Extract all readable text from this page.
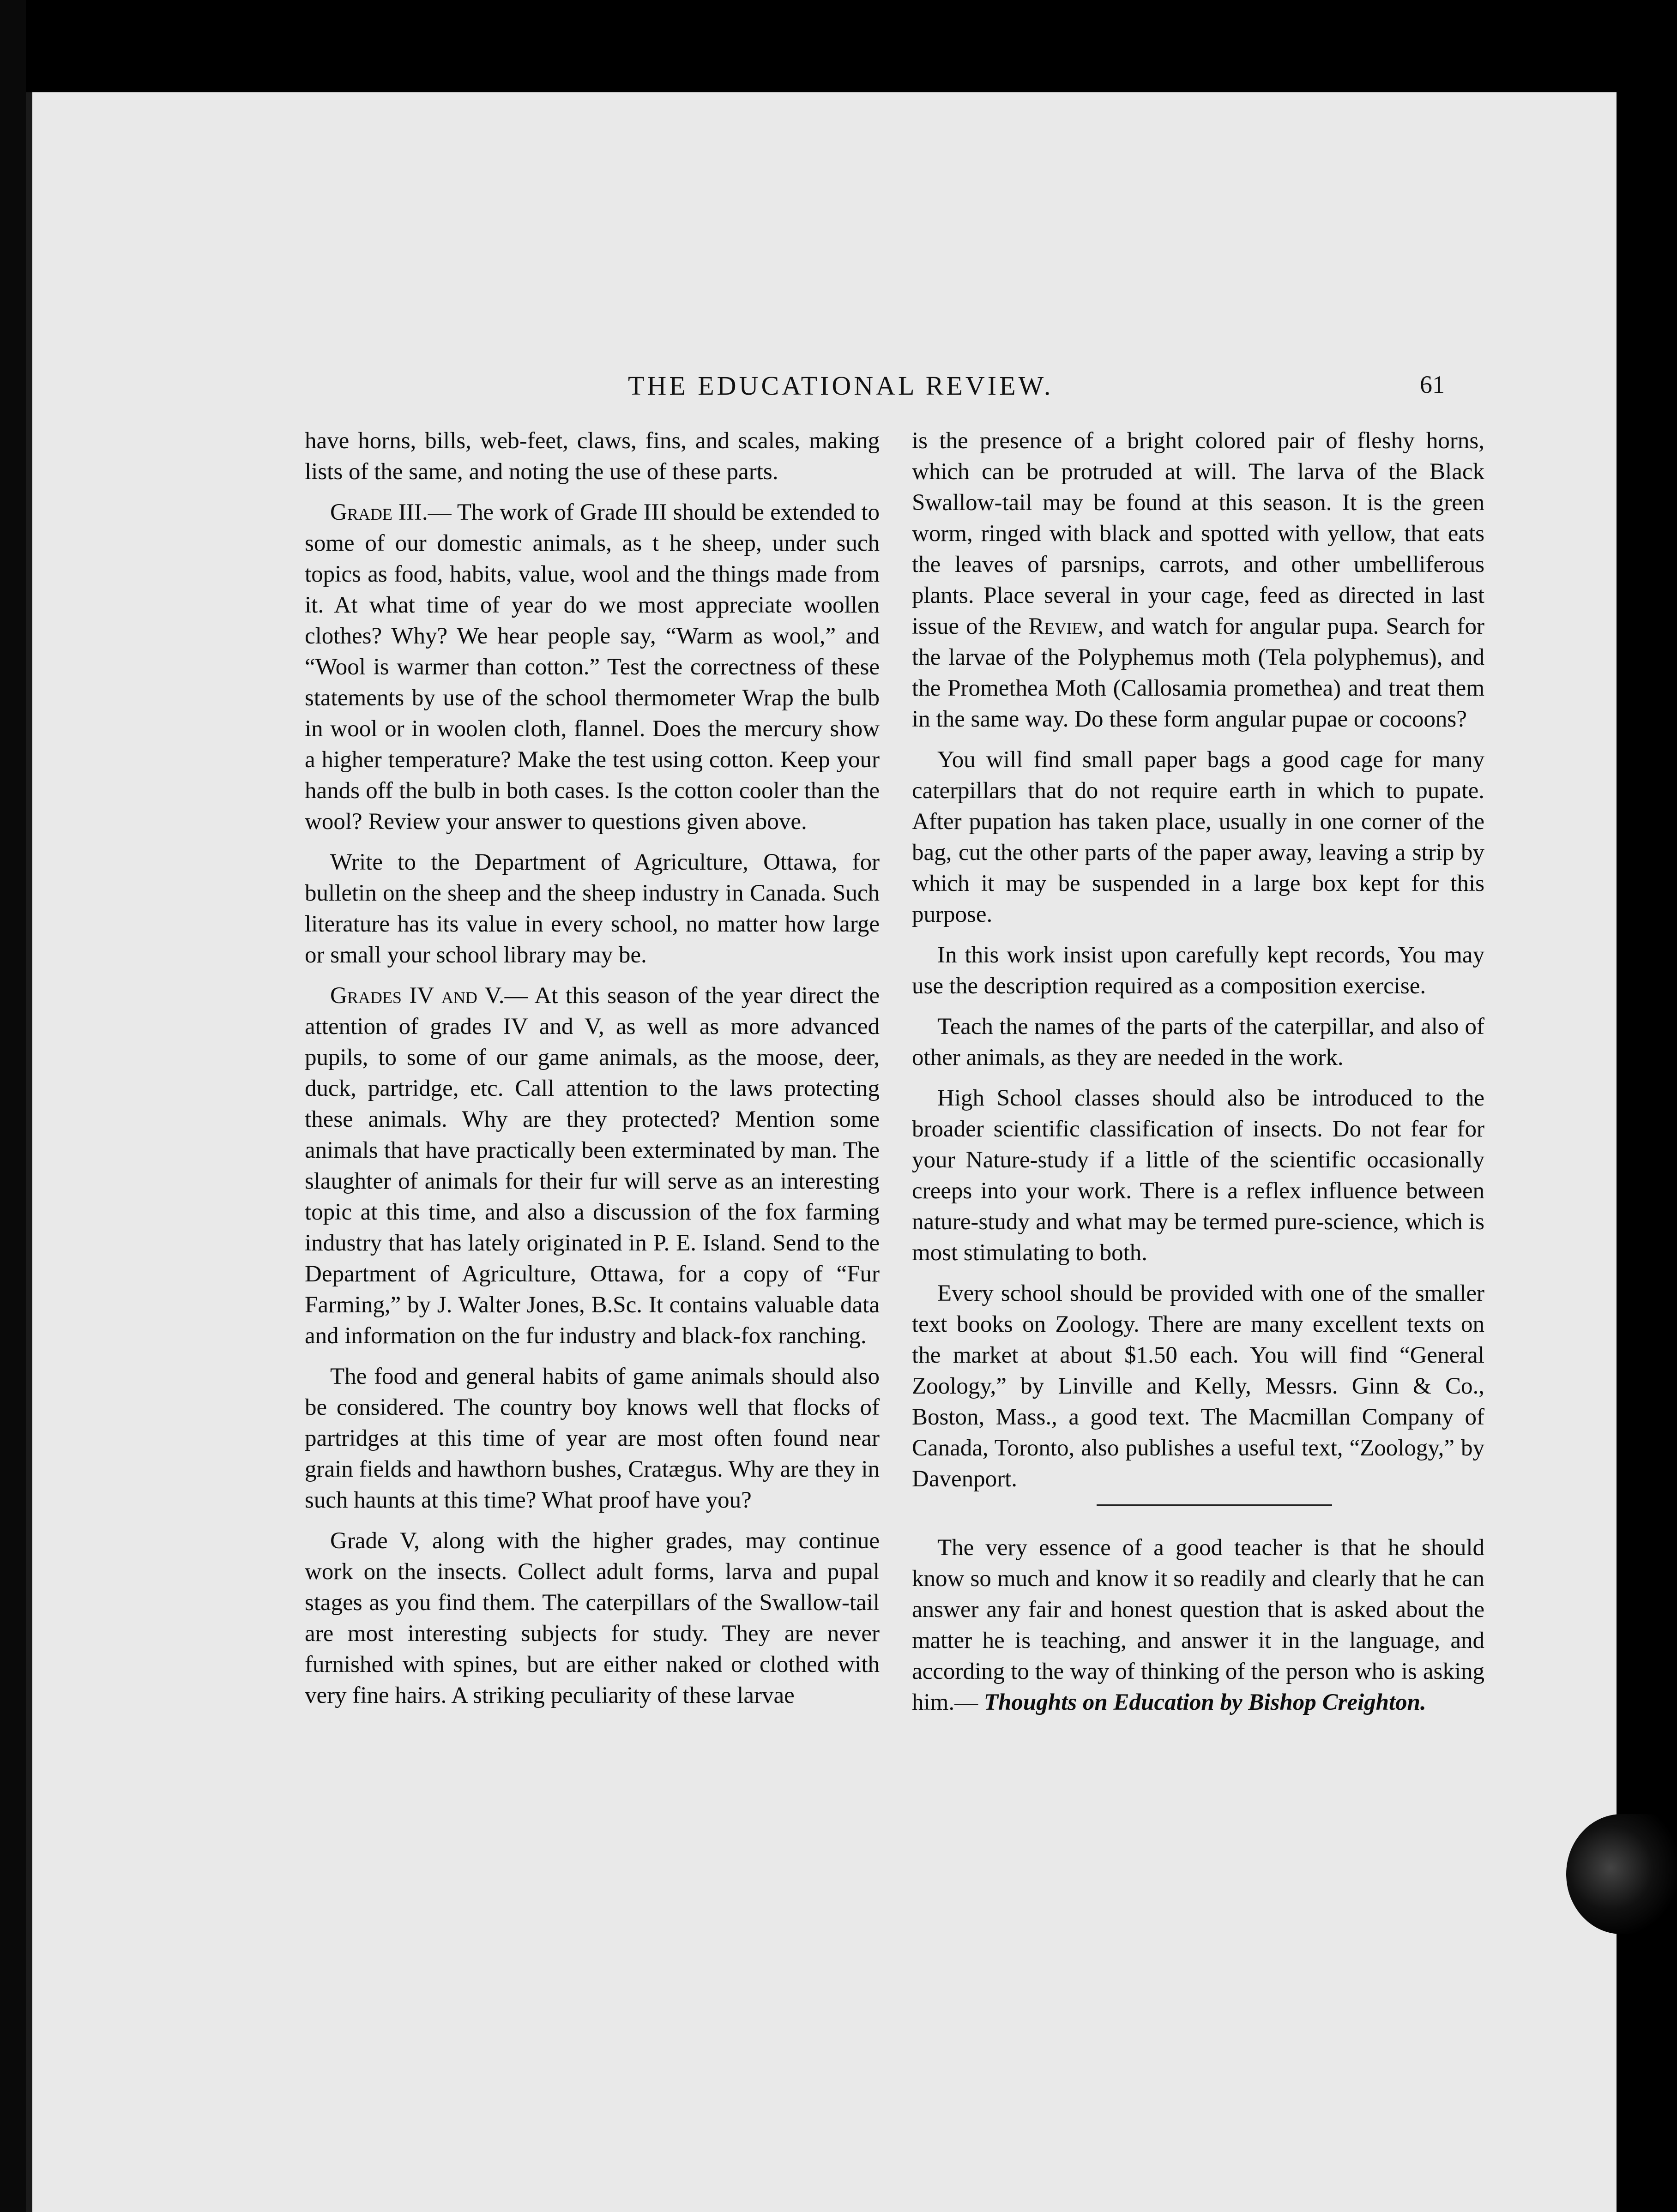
THE EDUCATIONAL REVIEW.	61

have horns, bills, web-feet, claws, fins, and scales, making lists of the same, and noting the use of these parts.

Grade III.— The work of Grade III should be extended to some of our domestic animals, as t he sheep, under such topics as food, habits, value, wool and the things made from it. At what time of year do we most appreciate woollen clothes? Why? We hear people say, “Warm as wool,” and “Wool is warmer than cotton.” Test the correctness of these statements by use of the school thermometer Wrap the bulb in wool or in woolen cloth, flannel. Does the mercury show a higher temperature? Make the test using cotton. Keep your hands off the bulb in both cases. Is the cotton cooler than the wool? Review your answer to questions given above.

Write to the Department of Agriculture, Ottawa, for bulletin on the sheep and the sheep industry in Canada. Such literature has its value in every school, no matter how large or small your school library may be.

Grades IV and V.— At this season of the year direct the attention of grades IV and V, as well as more advanced pupils, to some of our game animals, as the moose, deer, duck, partridge, etc. Call attention to the laws protecting these animals. Why are they protected? Mention some animals that have practically been exterminated by man. The slaughter of animals for their fur will serve as an interesting topic at this time, and also a discussion of the fox farming industry that has lately originated in P. E. Island. Send to the Department of Agriculture, Ottawa, for a copy of “Fur Farming,” by J. Walter Jones, B.Sc. It contains valuable data and information on the fur industry and black-fox ranching.

The food and general habits of game animals should also be considered. The country boy knows well that flocks of partridges at this time of year are most often found near grain fields and hawthorn bushes, Cratægus. Why are they in such haunts at this time? What proof have you?

Grade V, along with the higher grades, may continue work on the insects. Collect adult forms, larva and pupal stages as you find them. The caterpillars of the Swallow-tail are most interesting subjects for study. They are never furnished with spines, but are either naked or clothed with very fine hairs. A striking peculiarity of these larvae

is the presence of a bright colored pair of fleshy horns, which can be protruded at will. The larva of the Black Swallow-tail may be found at this season. It is the green worm, ringed with black and spotted with yellow, that eats the leaves of parsnips, carrots, and other umbelliferous plants. Place several in your cage, feed as directed in last issue of the Review, and watch for angular pupa. Search for the larvae of the Polyphemus moth (Tela polyphemus), and the Promethea Moth (Callosamia promethea) and treat them in the same way. Do these form angular pupae or cocoons?

You will find small paper bags a good cage for many caterpillars that do not require earth in which to pupate. After pupation has taken place, usually in one corner of the bag, cut the other parts of the paper away, leaving a strip by which it may be suspended in a large box kept for this purpose.

In this work insist upon carefully kept records, You may use the description required as a composition exercise.

Teach the names of the parts of the caterpillar, and also of other animals, as they are needed in the work.

High School classes should also be introduced to the broader scientific classification of insects. Do not fear for your Nature-study if a little of the scientific occasionally creeps into your work. There is a reflex influence between nature-study and what may be termed pure-science, which is most stimulating to both.

Every school should be provided with one of the smaller text books on Zoology. There are many excellent texts on the market at about $1.50 each. You will find “General Zoology,” by Linville and Kelly, Messrs. Ginn & Co., Boston, Mass., a good text. The Macmillan Company of Canada, Toronto, also publishes a useful text, “Zoology,” by Davenport.

The very essence of a good teacher is that he should know so much and know it so readily and clearly that he can answer any fair and honest question that is asked about the matter he is teaching, and answer it in the language, and according to the way of thinking of the person who is asking him.— Thoughts on Education by Bishop Creighton.
